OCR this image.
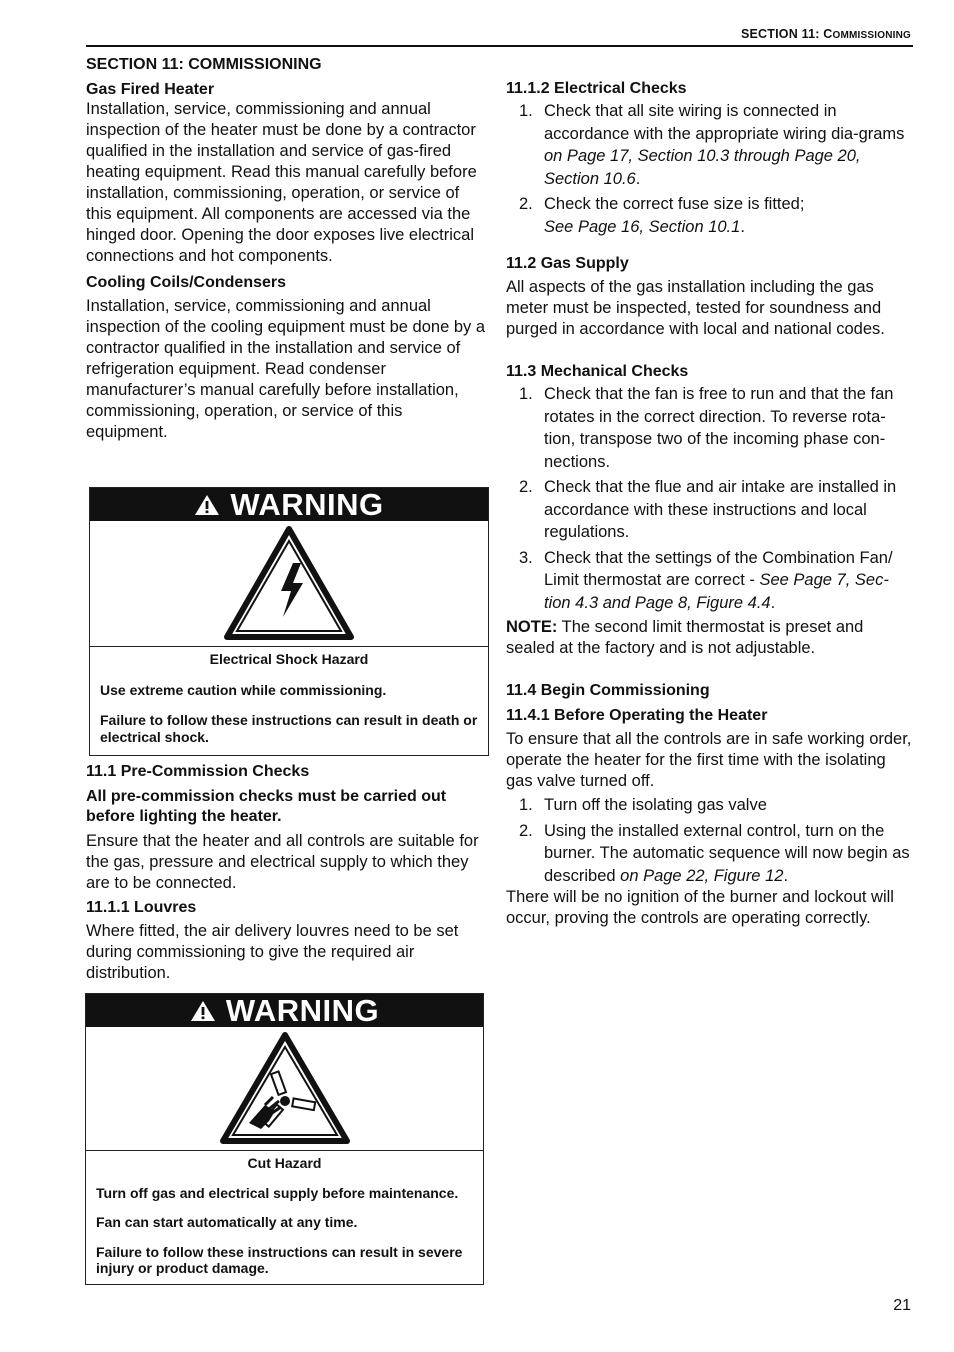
SECTION 11: COMMISSIONING
SECTION 11: COMMISSIONING
Gas Fired Heater
Installation, service, commissioning and annual inspection of the heater must be done by a contractor qualified in the installation and service of gas-fired heating equipment. Read this manual carefully before installation, commissioning, operation, or service of this equipment. All components are accessed via the hinged door. Opening the door exposes live electrical connections and hot components.
Cooling Coils/Condensers
Installation, service, commissioning and annual inspection of the cooling equipment must be done by a contractor qualified in the installation and service of refrigeration equipment. Read condenser manufacturer’s manual carefully before installation, commissioning, operation, or service of this equipment.
WARNING
Electrical Shock Hazard
Use extreme caution while commissioning.
Failure to follow these instructions can result in death or electrical shock.
11.1 Pre-Commission Checks
All pre-commission checks must be carried out before lighting the heater.
Ensure that the heater and all controls are suitable for the gas, pressure and electrical supply to which they are to be connected.
11.1.1 Louvres
Where fitted, the air delivery louvres need to be set during commissioning to give the required air distribution.
WARNING
Cut Hazard
Turn off gas and electrical supply before maintenance.
Fan can start automatically at any time.
Failure to follow these instructions can result in severe injury or product damage.
11.1.2 Electrical Checks
1. Check that all site wiring is connected in accordance with the appropriate wiring dia-grams on Page 17, Section 10.3 through Page 20, Section 10.6.
2. Check the correct fuse size is fitted;
See Page 16, Section 10.1.
11.2 Gas Supply
All aspects of the gas installation including the gas meter must be inspected, tested for soundness and purged in accordance with local and national codes.
11.3 Mechanical Checks
1. Check that the fan is free to run and that the fan rotates in the correct direction. To reverse rota-tion, transpose two of the incoming phase con-nections.
2. Check that the flue and air intake are installed in accordance with these instructions and local regulations.
3. Check that the settings of the Combination Fan/ Limit thermostat are correct - See Page 7, Sec-tion 4.3 and Page 8, Figure 4.4.
NOTE: The second limit thermostat is preset and sealed at the factory and is not adjustable.
11.4 Begin Commissioning
11.4.1 Before Operating the Heater
To ensure that all the controls are in safe working order, operate the heater for the first time with the isolating gas valve turned off.
1. Turn off the isolating gas valve
2. Using the installed external control, turn on the burner. The automatic sequence will now begin as described on Page 22, Figure 12.
There will be no ignition of the burner and lockout will occur, proving the controls are operating correctly.
21
